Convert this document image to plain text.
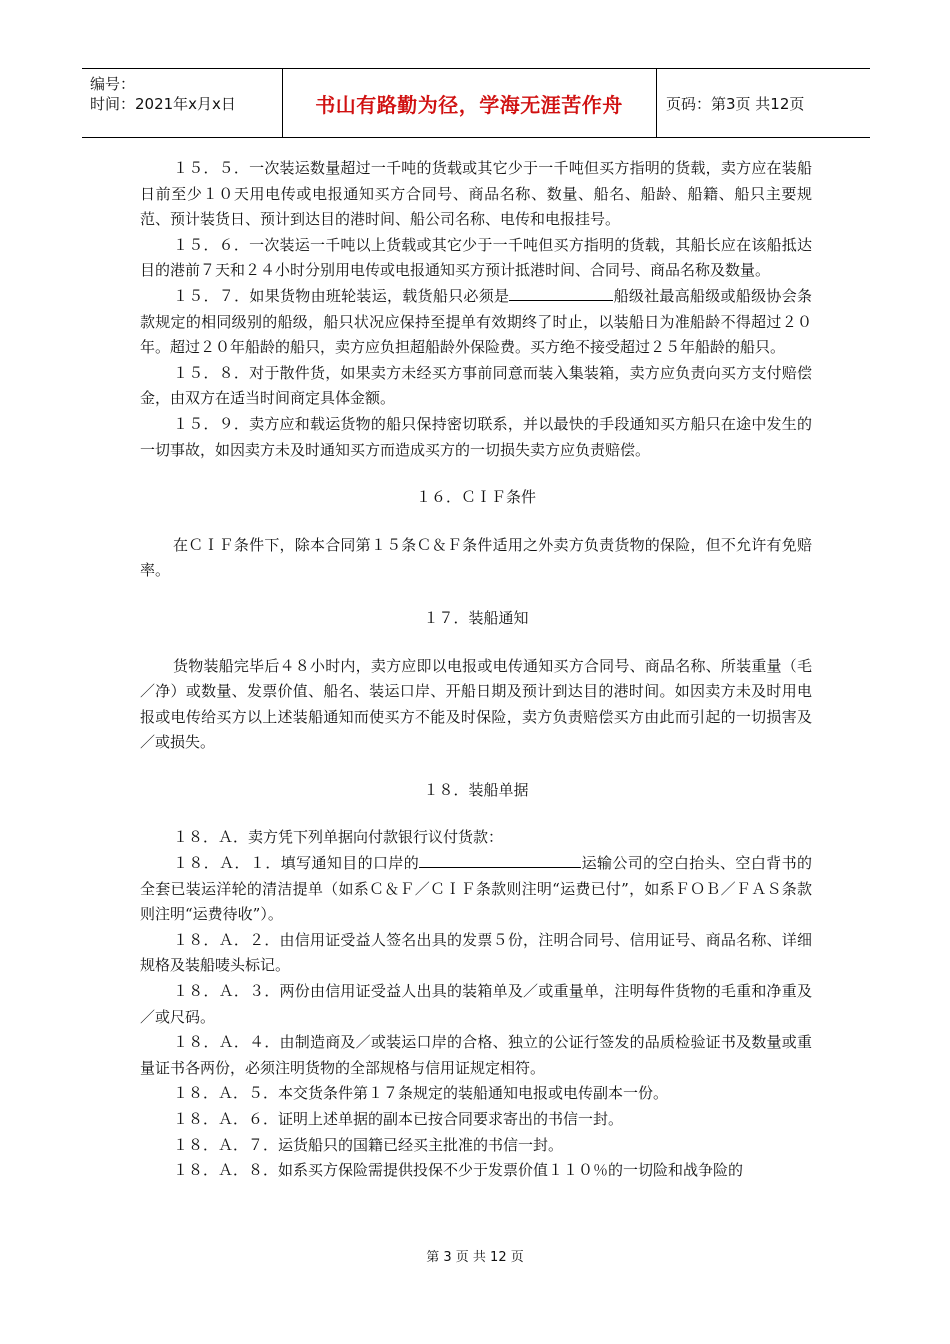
编号：
时间：2021年x月x日	书山有路勤为径，学海无涯苦作舟	页码：第3页 共12页

１５．５．一次装运数量超过一千吨的货载或其它少于一千吨但买方指明的货载，卖方应在装船日前至少１０天用电传或电报通知买方合同号、商品名称、数量、船名、船龄、船籍、船只主要规范、预计装货日、预计到达目的港时间、船公司名称、电传和电报挂号。

１５．６．一次装运一千吨以上货载或其它少于一千吨但买方指明的货载，其船长应在该船抵达目的港前７天和２４小时分别用电传或电报通知买方预计抵港时间、合同号、商品名称及数量。

１５．７．如果货物由班轮装运，载货船只必须是	船级社最高船级或船级协会条款规定的相同级别的船级，船只状况应保持至提单有效期终了时止，以装船日为准船龄不得超过２０年。超过２０年船龄的船只，卖方应负担超船龄外保险费。买方绝不接受超过２５年船龄的船只。

１５．８．对于散件货，如果卖方未经买方事前同意而装入集装箱，卖方应负责向买方支付赔偿金，由双方在适当时间商定具体金额。

１５．９．卖方应和载运货物的船只保持密切联系，并以最快的手段通知买方船只在途中发生的一切事故，如因卖方未及时通知买方而造成买方的一切损失卖方应负责赔偿。

１６．ＣＩＦ条件

在ＣＩＦ条件下，除本合同第１５条Ｃ＆Ｆ条件适用之外卖方负责货物的保险，但不允许有免赔率。

１７．装船通知

货物装船完毕后４８小时内，卖方应即以电报或电传通知买方合同号、商品名称、所装重量（毛／净）或数量、发票价值、船名、装运口岸、开船日期及预计到达目的港时间。如因卖方未及时用电报或电传给买方以上述装船通知而使买方不能及时保险，卖方负责赔偿买方由此而引起的一切损害及／或损失。

１８．装船单据

１８．Ａ．卖方凭下列单据向付款银行议付货款：

１８．Ａ．１．填写通知目的口岸的	运输公司的空白抬头、空白背书的全套已装运洋轮的清洁提单（如系Ｃ＆Ｆ／ＣＩＦ条款则注明“运费已付”，如系ＦＯＢ／ＦＡＳ条款则注明“运费待收”）。

１８．Ａ．２．由信用证受益人签名出具的发票５份，注明合同号、信用证号、商品名称、详细规格及装船唛头标记。

１８．Ａ．３．两份由信用证受益人出具的装箱单及／或重量单，注明每件货物的毛重和净重及／或尺码。

１８．Ａ．４．由制造商及／或装运口岸的合格、独立的公证行签发的品质检验证书及数量或重量证书各两份，必须注明货物的全部规格与信用证规定相符。

１８．Ａ．５．本交货条件第１７条规定的装船通知电报或电传副本一份。

１８．Ａ．６．证明上述单据的副本已按合同要求寄出的书信一封。

１８．Ａ．７．运货船只的国籍已经买主批准的书信一封。

１８．Ａ．８．如系买方保险需提供投保不少于发票价值１１０％的一切险和战争险的

第 3 页 共 12 页
